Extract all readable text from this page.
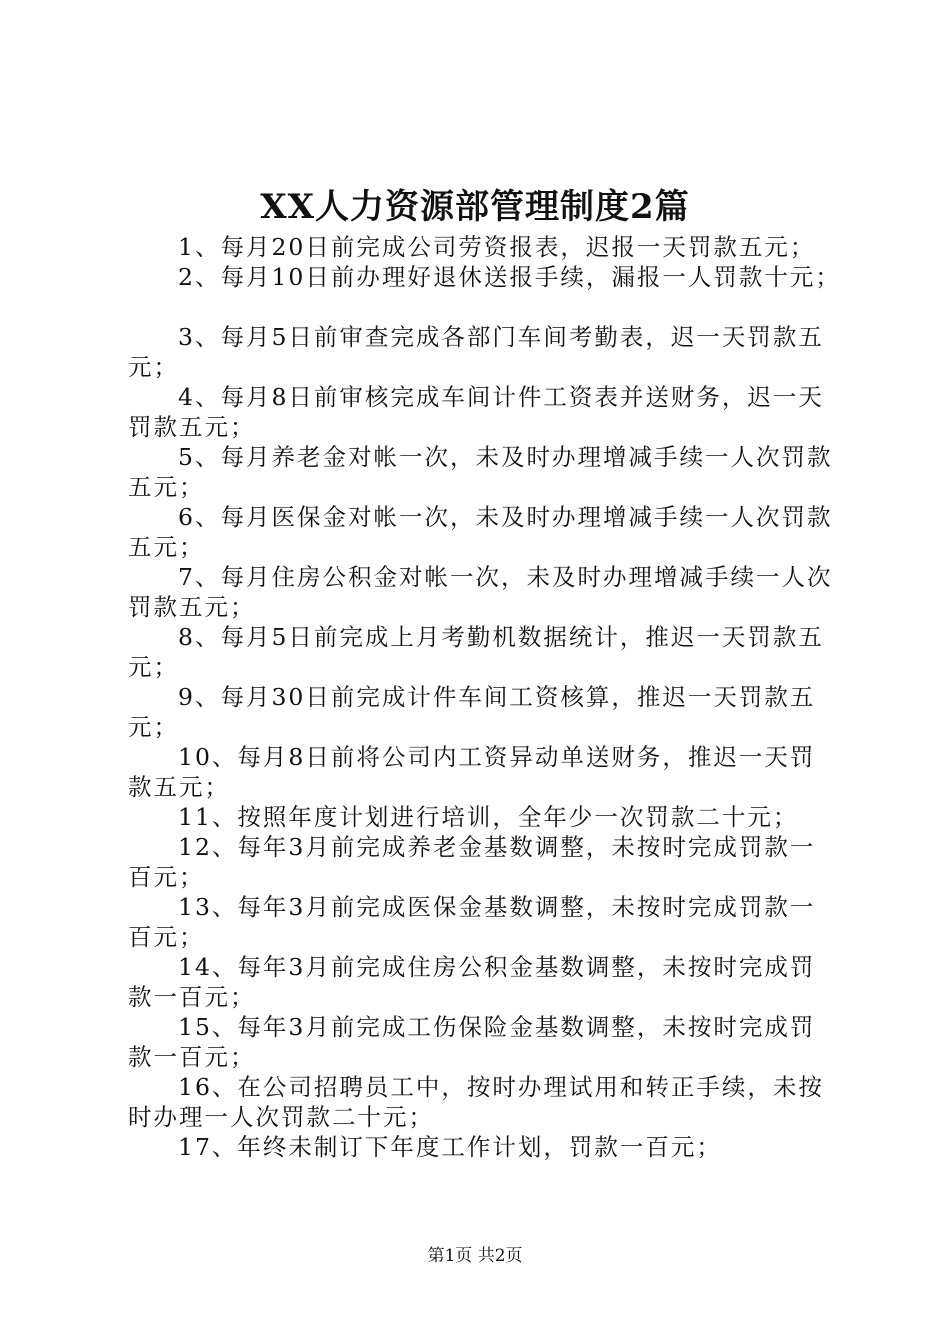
XX人力资源部管理制度2篇
1、每月20日前完成公司劳资报表，迟报一天罚款五元；
2、每月10日前办理好退休送报手续，漏报一人罚款十元；
3、每月5日前审查完成各部门车间考勤表，迟一天罚款五
元；
4、每月8日前审核完成车间计件工资表并送财务，迟一天
罚款五元；
5、每月养老金对帐一次，未及时办理增减手续一人次罚款
五元；
6、每月医保金对帐一次，未及时办理增减手续一人次罚款
五元；
7、每月住房公积金对帐一次，未及时办理增减手续一人次
罚款五元；
8、每月5日前完成上月考勤机数据统计，推迟一天罚款五
元；
9、每月30日前完成计件车间工资核算，推迟一天罚款五
元；
10、每月8日前将公司内工资异动单送财务，推迟一天罚
款五元；
11、按照年度计划进行培训，全年少一次罚款二十元；
12、每年3月前完成养老金基数调整，未按时完成罚款一
百元；
13、每年3月前完成医保金基数调整，未按时完成罚款一
百元；
14、每年3月前完成住房公积金基数调整，未按时完成罚
款一百元；
15、每年3月前完成工伤保险金基数调整，未按时完成罚
款一百元；
16、在公司招聘员工中，按时办理试用和转正手续，未按
时办理一人次罚款二十元；
17、年终未制订下年度工作计划，罚款一百元；
第1页 共2页
